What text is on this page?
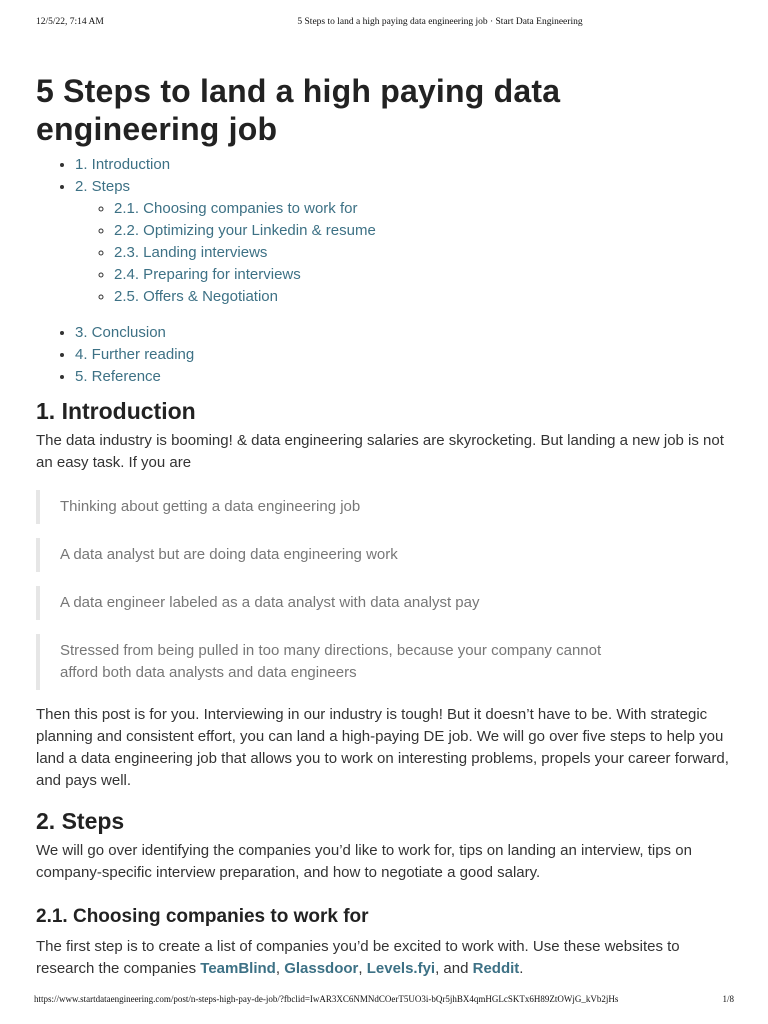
12/5/22, 7:14 AM	5 Steps to land a high paying data engineering job · Start Data Engineering
5 Steps to land a high paying data engineering job
• 1. Introduction
• 2. Steps
◦ 2.1. Choosing companies to work for
◦ 2.2. Optimizing your Linkedin & resume
◦ 2.3. Landing interviews
◦ 2.4. Preparing for interviews
◦ 2.5. Offers & Negotiation
• 3. Conclusion
• 4. Further reading
• 5. Reference
1. Introduction

The data industry is booming! & data engineering salaries are skyrocketing. But landing a new job is not an easy task. If you are

Thinking about getting a data engineering job
A data analyst but are doing data engineering work
A data engineer labeled as a data analyst with data analyst pay
Stressed from being pulled in too many directions, because your company cannot
afford both data analysts and data engineers

Then this post is for you. Interviewing in our industry is tough! But it doesn’t have to be. With strategic planning and consistent effort, you can land a high-paying DE job. We will go over five steps to help you land a data engineering job that allows you to work on interesting problems, propels your career forward, and pays well.

2. Steps

We will go over identifying the companies you’d like to work for, tips on landing an interview, tips on company-specific interview preparation, and how to negotiate a good salary.

2.1. Choosing companies to work for

The first step is to create a list of companies you’d be excited to work with. Use these websites to research the companies TeamBlind, Glassdoor, Levels.fyi, and Reddit.

https://www.startdataengineering.com/post/n-steps-high-pay-de-job/?fbclid=IwAR3XC6NMNdCOerT5UO3i-bQr5jhBX4qmHGLcSKTx6H89ZtOWjG_kVb2jHs	1/8
